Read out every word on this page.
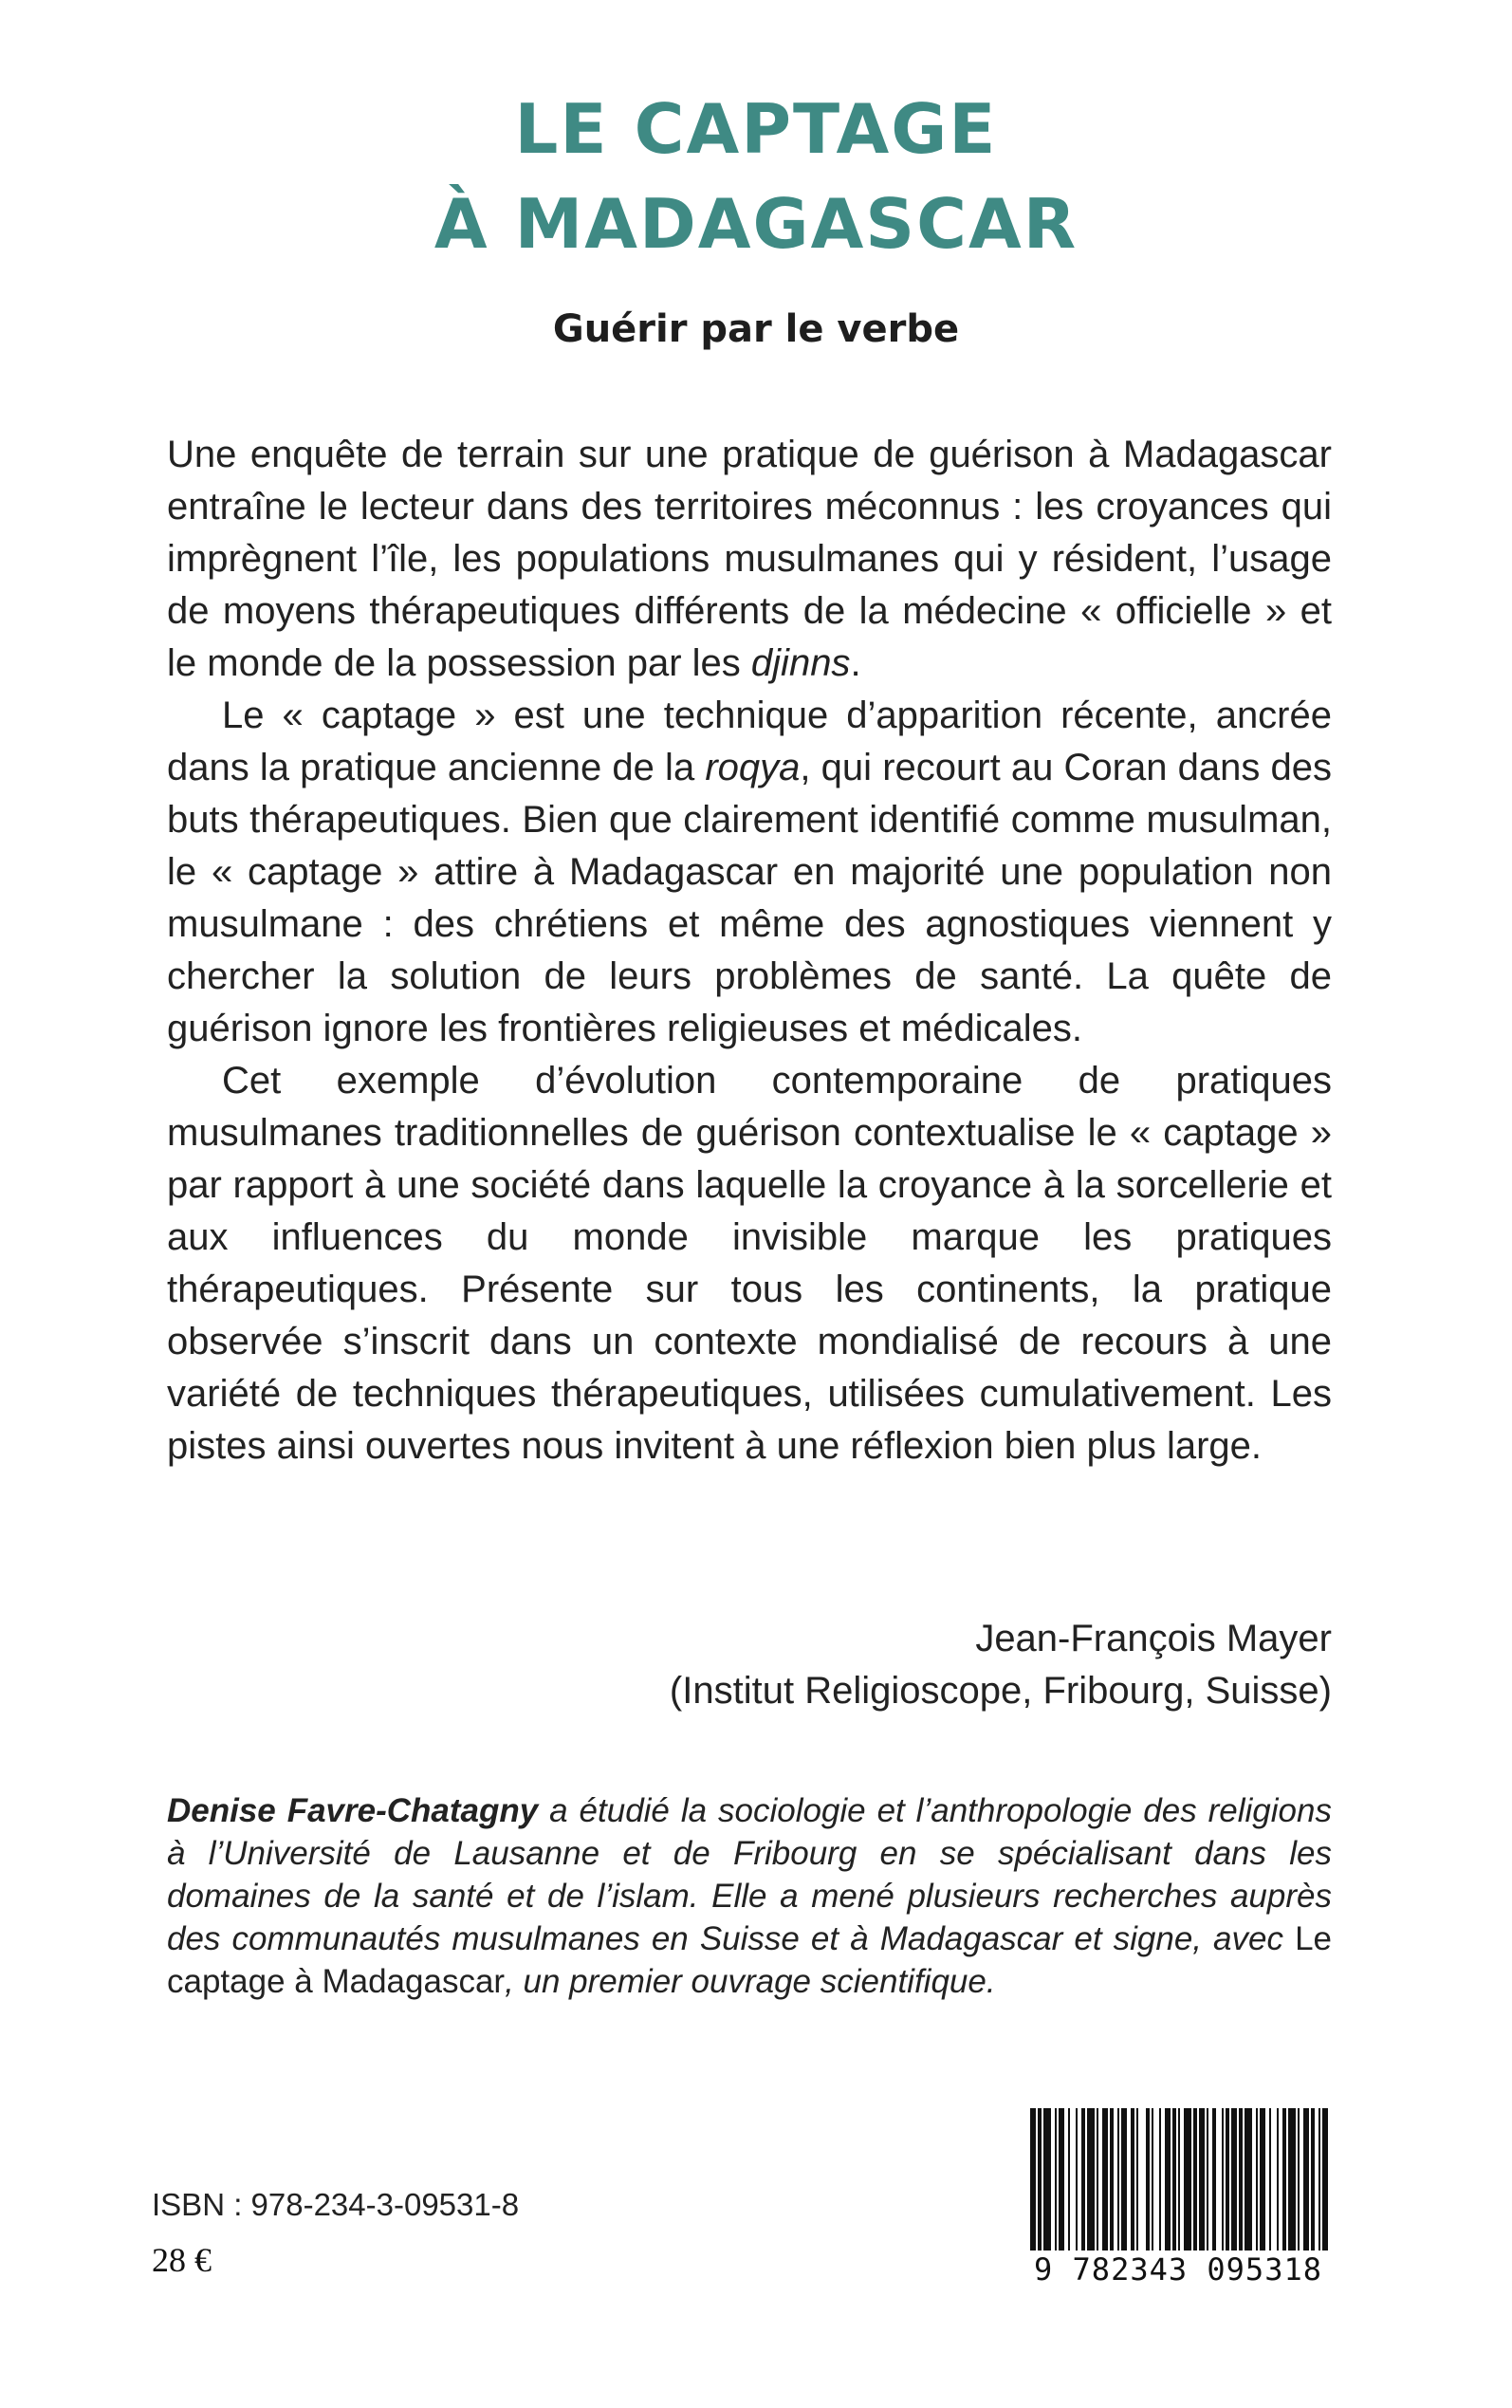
LE CAPTAGE
À MADAGASCAR
Guérir par le verbe

Une enquête de terrain sur une pratique de guérison à Madagascar entraîne le lecteur dans des territoires méconnus : les croyances qui imprègnent l’île, les populations musulmanes qui y résident, l’usage de moyens thérapeutiques différents de la médecine « officielle » et le monde de la possession par les djinns.

Le « captage » est une technique d’apparition récente, ancrée dans la pratique ancienne de la roqya, qui recourt au Coran dans des buts thérapeutiques. Bien que clairement identifié comme musulman, le « captage » attire à Madagascar en majorité une population non musulmane : des chrétiens et même des agnostiques viennent y chercher la solution de leurs problèmes de santé. La quête de guérison ignore les frontières religieuses et médicales.

Cet exemple d’évolution contemporaine de pratiques musulmanes traditionnelles de guérison contextualise le « captage » par rapport à une société dans laquelle la croyance à la sorcellerie et aux influences du monde invisible marque les pratiques thérapeutiques. Présente sur tous les continents, la pratique observée s’inscrit dans un contexte mondialisé de recours à une variété de techniques thérapeutiques, utilisées cumulativement. Les pistes ainsi ouvertes nous invitent à une réflexion bien plus large.

Jean-François Mayer
(Institut Religioscope, Fribourg, Suisse)
Denise Favre-Chatagny a étudié la sociologie et l’anthropologie des religions à l’Université de Lausanne et de Fribourg en se spécialisant dans les domaines de la santé et de l’islam. Elle a mené plusieurs recherches auprès des communautés musulmanes en Suisse et à Madagascar et signe, avec Le captage à Madagascar, un premier ouvrage scientifique.
ISBN : 978-234-3-09531-8
28 €	9 782343 095318
